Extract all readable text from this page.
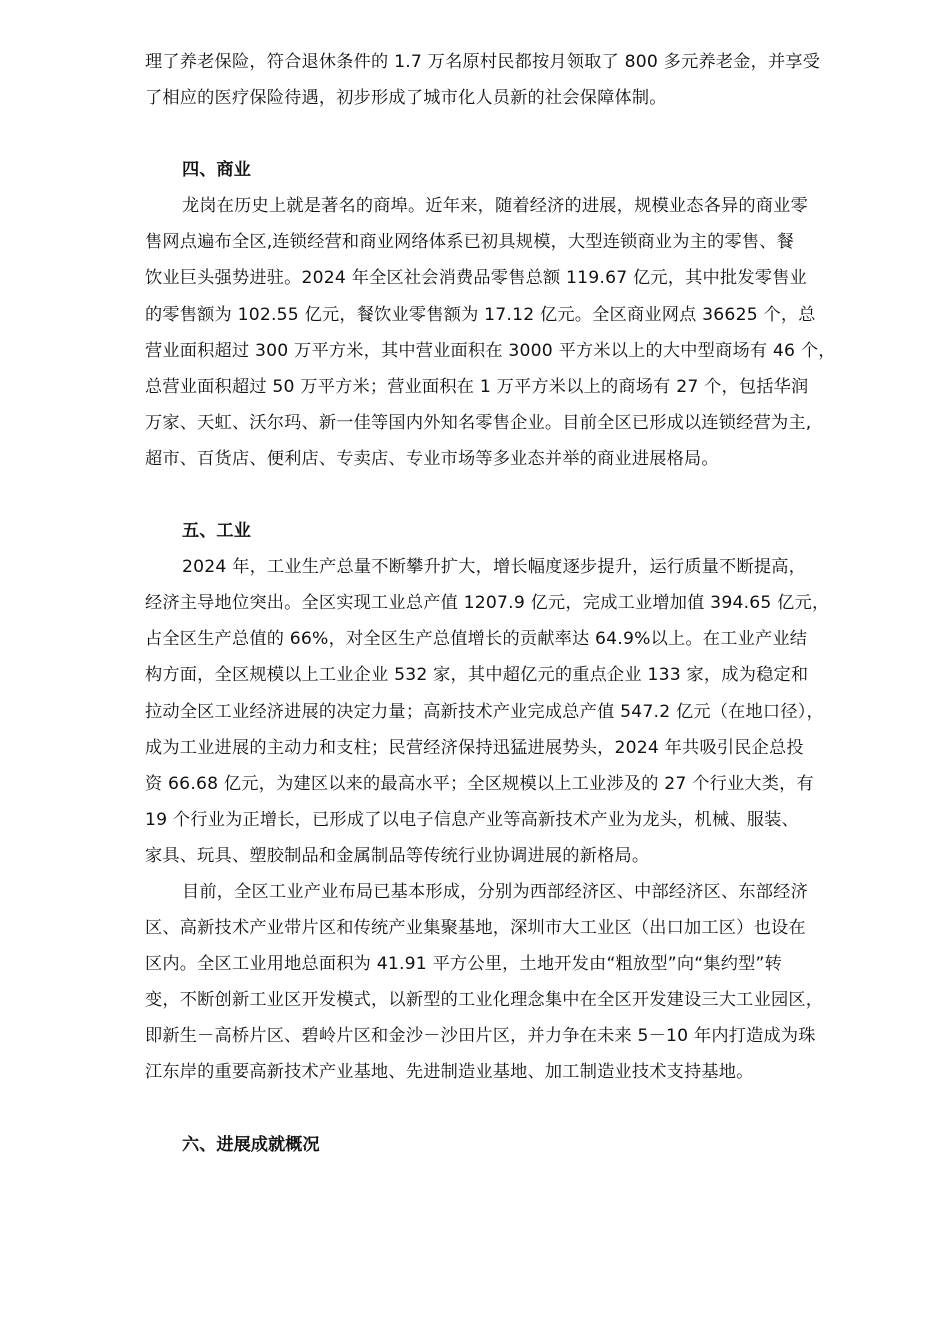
理了养老保险，符合退休条件的 1.7 万名原村民都按月领取了 800 多元养老金，并享受
了相应的医疗保险待遇，初步形成了城市化人员新的社会保障体制。
四、商业
龙岗在历史上就是著名的商埠。近年来，随着经济的进展，规模业态各异的商业零
售网点遍布全区,连锁经营和商业网络体系已初具规模，大型连锁商业为主的零售、餐
饮业巨头强势进驻。2024 年全区社会消费品零售总额 119.67 亿元，其中批发零售业
的零售额为 102.55 亿元，餐饮业零售额为 17.12 亿元。全区商业网点 36625 个，总
营业面积超过 300 万平方米，其中营业面积在 3000 平方米以上的大中型商场有 46 个，
总营业面积超过 50 万平方米；营业面积在 1 万平方米以上的商场有 27 个，包括华润
万家、天虹、沃尔玛、新一佳等国内外知名零售企业。目前全区已形成以连锁经营为主,
超市、百货店、便利店、专卖店、专业市场等多业态并举的商业进展格局。
五、工业
2024 年，工业生产总量不断攀升扩大，增长幅度逐步提升，运行质量不断提高，
经济主导地位突出。全区实现工业总产值 1207.9 亿元，完成工业增加值 394.65 亿元，
占全区生产总值的 66%，对全区生产总值增长的贡献率达 64.9%以上。在工业产业结
构方面，全区规模以上工业企业 532 家，其中超亿元的重点企业 133 家，成为稳定和
拉动全区工业经济进展的决定力量；高新技术产业完成总产值 547.2 亿元（在地口径），
成为工业进展的主动力和支柱；民营经济保持迅猛进展势头，2024 年共吸引民企总投
资 66.68 亿元，为建区以来的最高水平；全区规模以上工业涉及的 27 个行业大类，有
19 个行业为正增长，已形成了以电子信息产业等高新技术产业为龙头，机械、服装、
家具、玩具、塑胶制品和金属制品等传统行业协调进展的新格局。
目前，全区工业产业布局已基本形成，分别为西部经济区、中部经济区、东部经济
区、高新技术产业带片区和传统产业集聚基地，深圳市大工业区（出口加工区）也设在
区内。全区工业用地总面积为 41.91 平方公里，土地开发由“粗放型”向“集约型”转
变，不断创新工业区开发模式，以新型的工业化理念集中在全区开发建设三大工业园区，
即新生－高桥片区、碧岭片区和金沙－沙田片区，并力争在未来 5－10 年内打造成为珠
江东岸的重要高新技术产业基地、先进制造业基地、加工制造业技术支持基地。
六、进展成就概况
